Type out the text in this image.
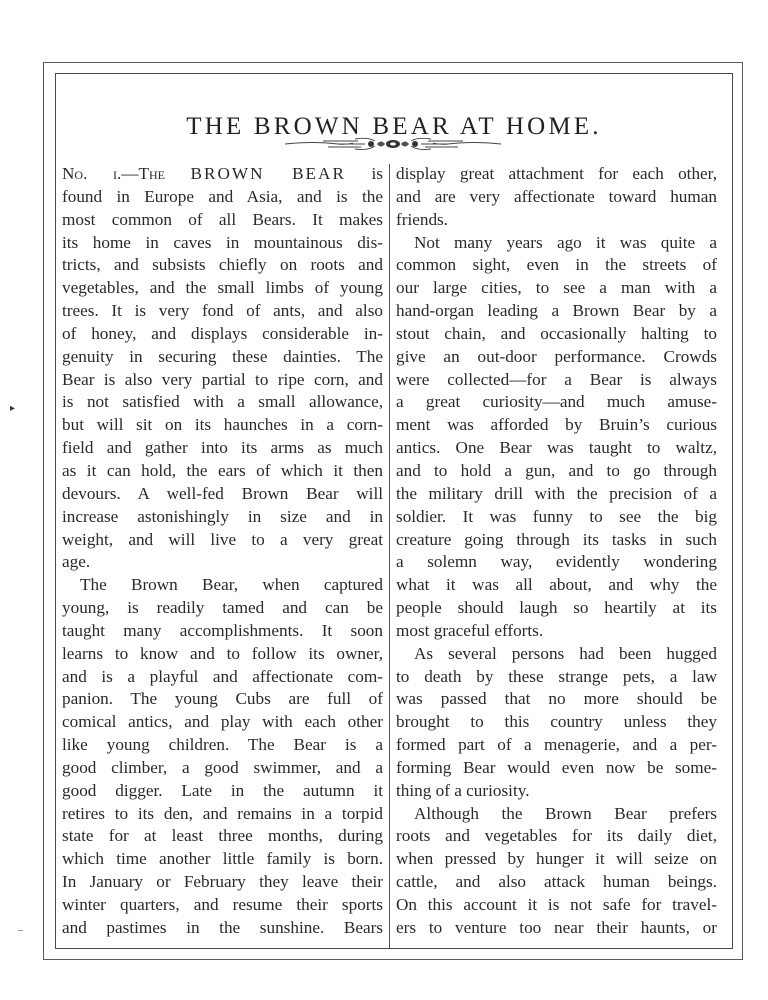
THE BROWN BEAR AT HOME.
No. i.—The BROWN BEAR is
found in Europe and Asia, and is the
most common of all Bears. It makes
its home in caves in mountainous dis-
tricts, and subsists chiefly on roots and
vegetables, and the small limbs of young
trees. It is very fond of ants, and also
of honey, and displays considerable in-
genuity in securing these dainties. The
Bear is also very partial to ripe corn, and
is not satisfied with a small allowance,
but will sit on its haunches in a corn-
field and gather into its arms as much
as it can hold, the ears of which it then
devours. A well-fed Brown Bear will
increase astonishingly in size and in
weight, and will live to a very great
age.
The Brown Bear, when captured
young, is readily tamed and can be
taught many accomplishments. It soon
learns to know and to follow its owner,
and is a playful and affectionate com-
panion. The young Cubs are full of
comical antics, and play with each other
like young children. The Bear is a
good climber, a good swimmer, and a
good digger. Late in the autumn it
retires to its den, and remains in a torpid
state for at least three months, during
which time another little family is born.
In January or February they leave their
winter quarters, and resume their sports
and pastimes in the sunshine. Bears
display great attachment for each other,
and are very affectionate toward human
friends.
Not many years ago it was quite a
common sight, even in the streets of
our large cities, to see a man with a
hand-organ leading a Brown Bear by a
stout chain, and occasionally halting to
give an out-door performance. Crowds
were collected—for a Bear is always
a great curiosity—and much amuse-
ment was afforded by Bruin’s curious
antics. One Bear was taught to waltz,
and to hold a gun, and to go through
the military drill with the precision of a
soldier. It was funny to see the big
creature going through its tasks in such
a solemn way, evidently wondering
what it was all about, and why the
people should laugh so heartily at its
most graceful efforts.
As several persons had been hugged
to death by these strange pets, a law
was passed that no more should be
brought to this country unless they
formed part of a menagerie, and a per-
forming Bear would even now be some-
thing of a curiosity.
Although the Brown Bear prefers
roots and vegetables for its daily diet,
when pressed by hunger it will seize on
cattle, and also attack human beings.
On this account it is not safe for travel-
ers to venture too near their haunts, or
▸
‒
